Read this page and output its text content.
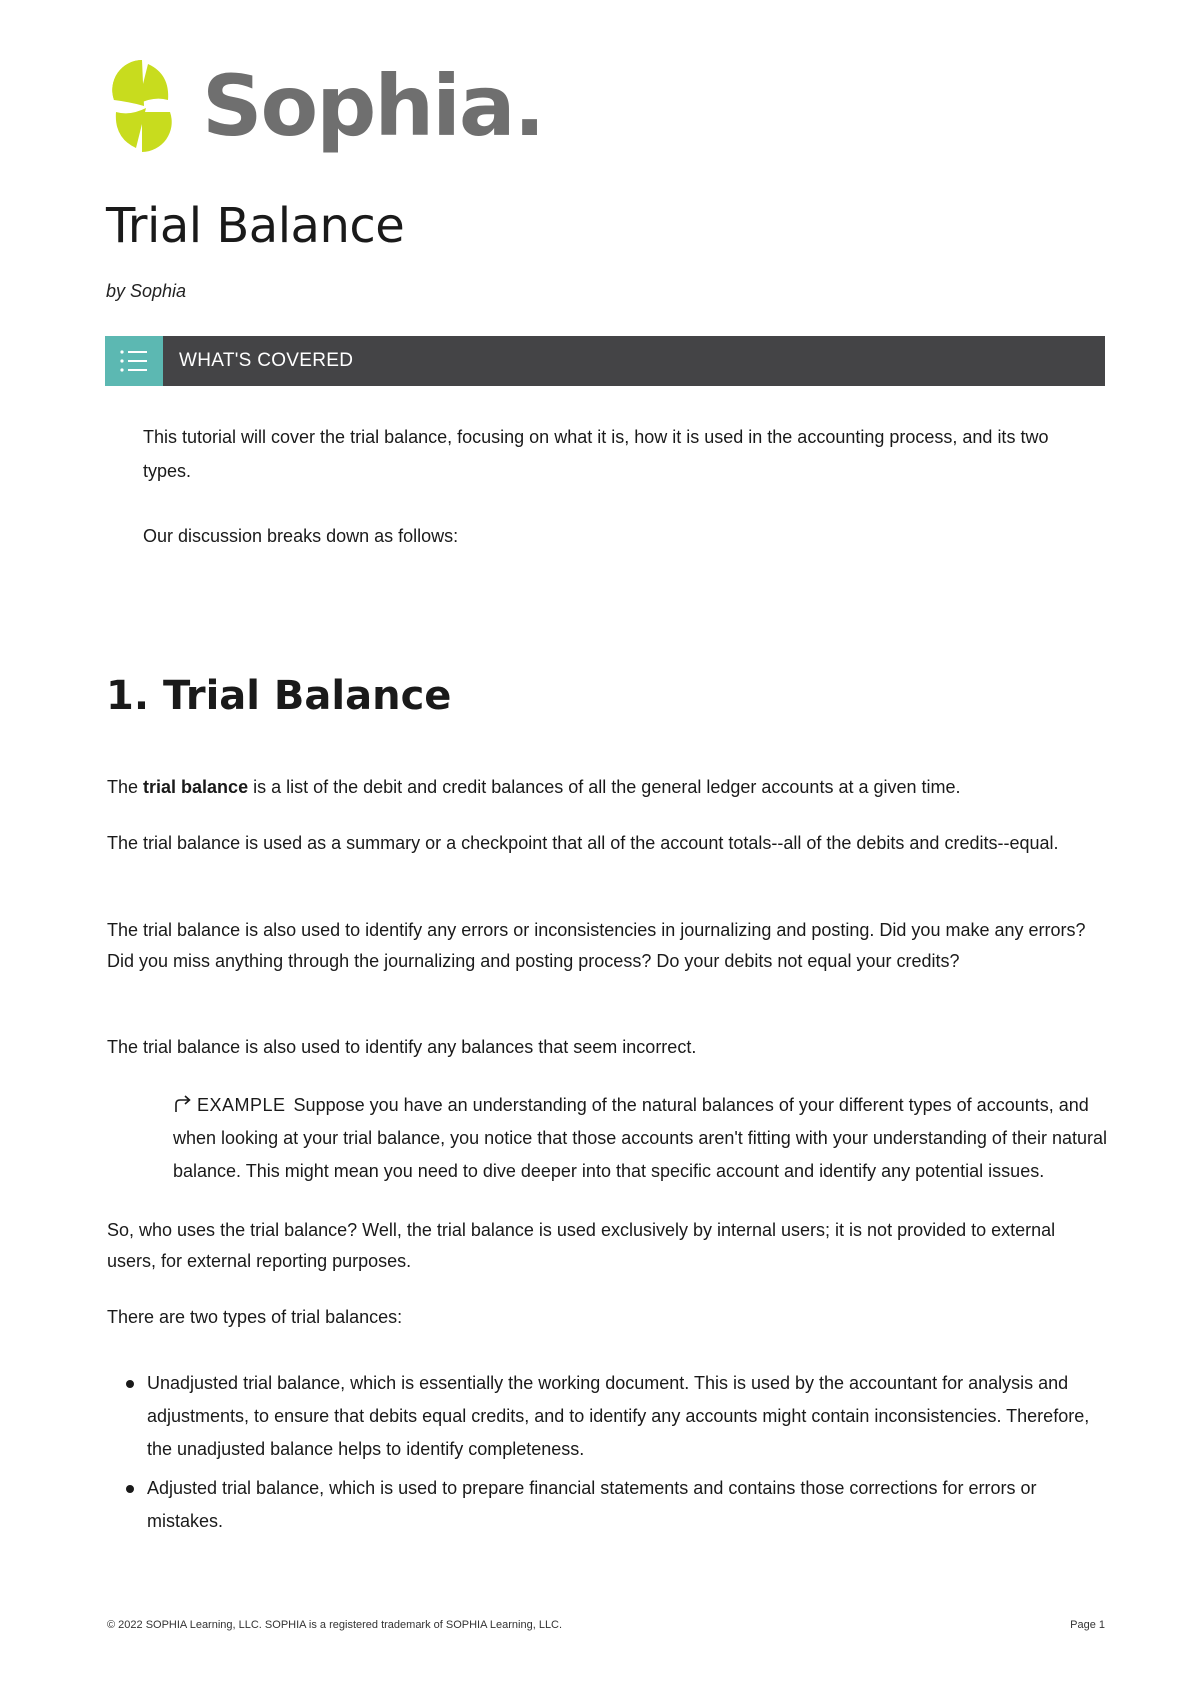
Sophia.
Trial Balance
by Sophia
WHAT'S COVERED

This tutorial will cover the trial balance, focusing on what it is, how it is used in the accounting process, and its two types.

Our discussion breaks down as follows:

1. Trial Balance

The trial balance is a list of the debit and credit balances of all the general ledger accounts at a given time.

The trial balance is used as a summary or a checkpoint that all of the account totals--all of the debits and credits--equal.

The trial balance is also used to identify any errors or inconsistencies in journalizing and posting. Did you make any errors? Did you miss anything through the journalizing and posting process? Do your debits not equal your credits?

The trial balance is also used to identify any balances that seem incorrect.

EXAMPLE Suppose you have an understanding of the natural balances of your different types of accounts, and when looking at your trial balance, you notice that those accounts aren't fitting with your understanding of their natural balance. This might mean you need to dive deeper into that specific account and identify any potential issues.

So, who uses the trial balance? Well, the trial balance is used exclusively by internal users; it is not provided to external users, for external reporting purposes.

There are two types of trial balances:

Unadjusted trial balance, which is essentially the working document. This is used by the accountant for analysis and adjustments, to ensure that debits equal credits, and to identify any accounts might contain inconsistencies. Therefore, the unadjusted balance helps to identify completeness.
Adjusted trial balance, which is used to prepare financial statements and contains those corrections for errors or mistakes.
© 2022 SOPHIA Learning, LLC. SOPHIA is a registered trademark of SOPHIA Learning, LLC.	Page 1
